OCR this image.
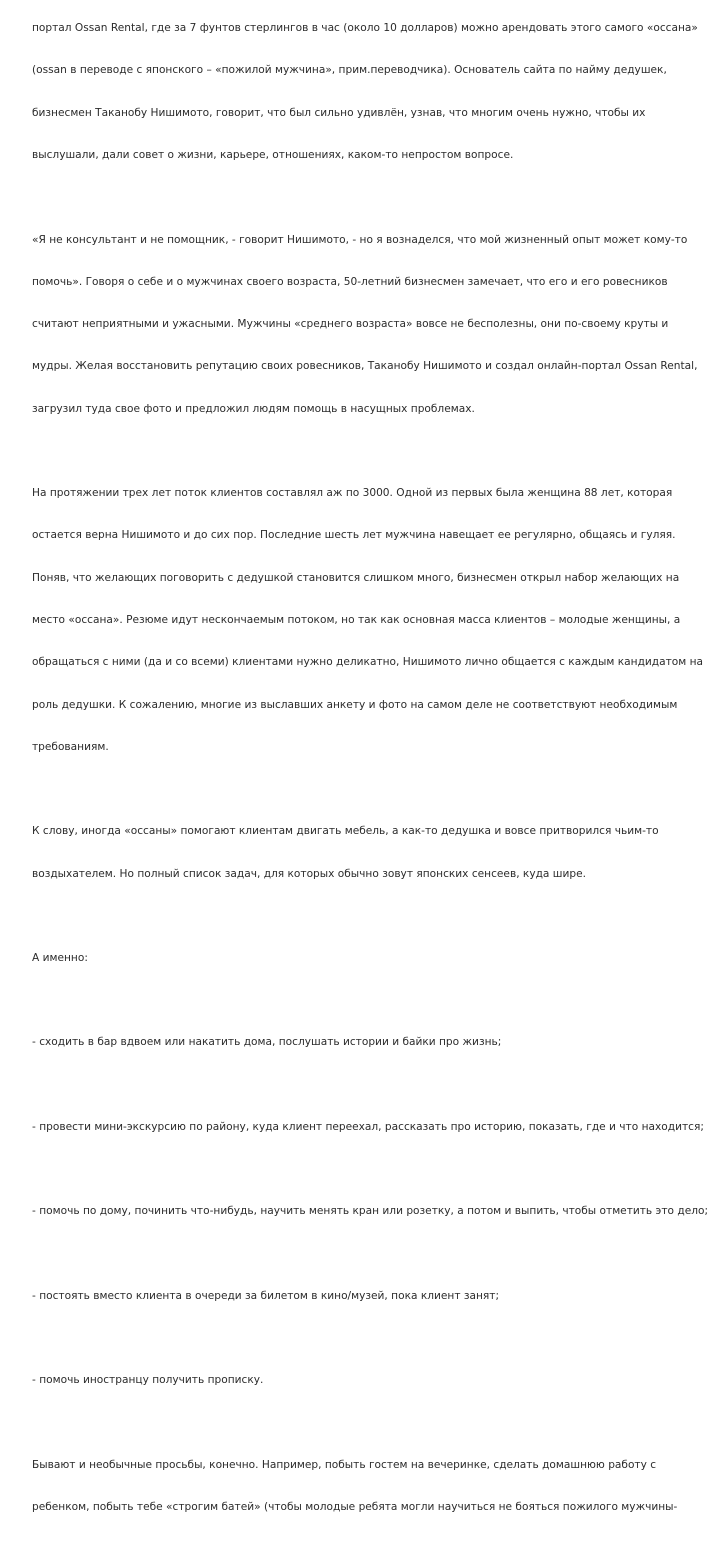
портал Ossan Rental, где за 7 фунтов стерлингов в час (около 10 долларов) можно арендовать этого самого «оссана»

(ossan в переводе с японского – «пожилой мужчина», прим.переводчика). Основатель сайта по найму дедушек,

бизнесмен Таканобу Нишимото, говорит, что был сильно удивлён, узнав, что многим очень нужно, чтобы их

выслушали, дали совет о жизни, карьере, отношениях, каком-то непростом вопросе.

«Я не консультант и не помощник, - говорит Нишимото, - но я вознаделся, что мой жизненный опыт может кому-то

помочь». Говоря о себе и о мужчинах своего возраста, 50-летний бизнесмен замечает, что его и его ровесников

считают неприятными и ужасными. Мужчины «среднего возраста» вовсе не бесполезны, они по-своему круты и

мудры. Желая восстановить репутацию своих ровесников, Таканобу Нишимото и создал онлайн-портал Ossan Rental,

загрузил туда свое фото и предложил людям помощь в насущных проблемах.

На протяжении трех лет поток клиентов составлял аж по 3000. Одной из первых была женщина 88 лет, которая

остается верна Нишимото и до сих пор. Последние шесть лет мужчина навещает ее регулярно, общаясь и гуляя.

Поняв, что желающих поговорить с дедушкой становится слишком много, бизнесмен открыл набор желающих на

место «оссана». Резюме идут нескончаемым потоком, но так как основная масса клиентов – молодые женщины, а

обращаться с ними (да и со всеми) клиентами нужно деликатно, Нишимото лично общается с каждым кандидатом на

роль дедушки. К сожалению, многие из выславших анкету и фото на самом деле не соответствуют необходимым

требованиям.

К слову, иногда «оссаны» помогают клиентам двигать мебель, а как-то дедушка и вовсе притворился чьим-то

воздыхателем. Но полный список задач, для которых обычно зовут японских сенсеев, куда шире.

А именно:

- сходить в бар вдвоем или накатить дома, послушать истории и байки про жизнь;

- провести мини-экскурсию по району, куда клиент переехал, рассказать про историю, показать, где и что находится;

- помочь по дому, починить что-нибудь, научить менять кран или розетку, а потом и выпить, чтобы отметить это дело;

- постоять вместо клиента в очереди за билетом в кино/музей, пока клиент занят;

- помочь иностранцу получить прописку.

Бывают и необычные просьбы, конечно. Например, побыть гостем на вечеринке, сделать домашнюю работу с

ребенком, побыть тебе «строгим батей» (чтобы молодые ребята могли научиться не бояться пожилого мужчины-
